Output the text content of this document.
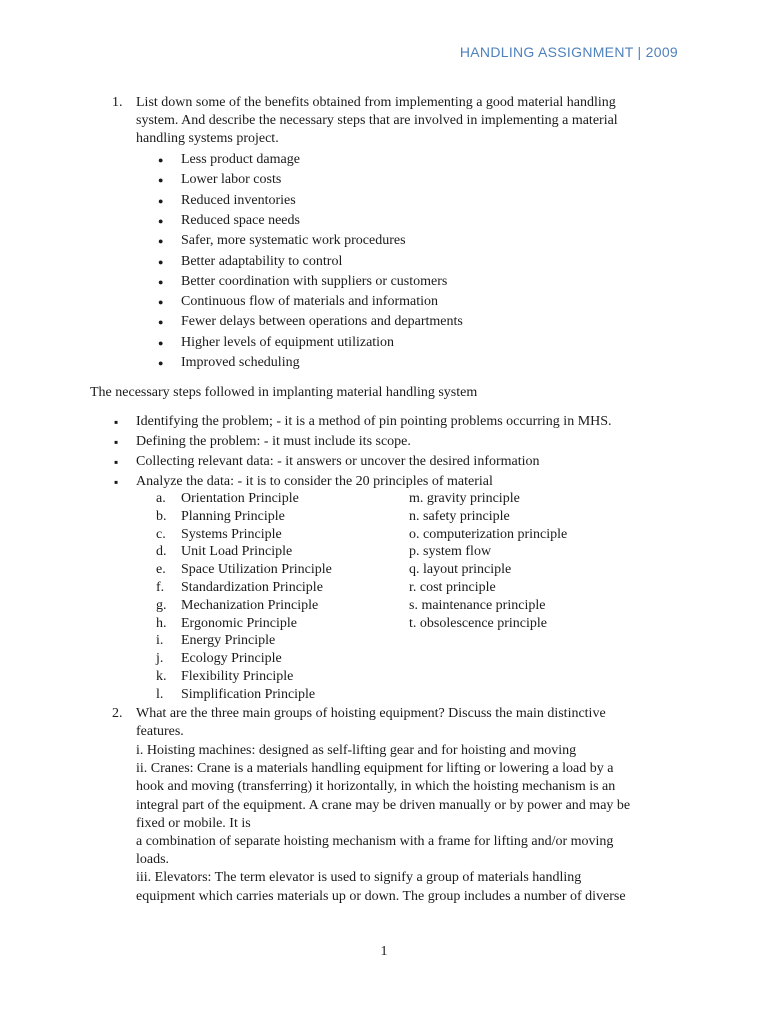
HANDLING ASSIGNMENT | 2009
1. List down some of the benefits obtained from implementing a good material handling
system. And describe the necessary steps that are involved in implementing a material
handling systems project.
● Less product damage
● Lower labor costs
● Reduced inventories
● Reduced space needs
● Safer, more systematic work procedures
● Better adaptability to control
● Better coordination with suppliers or customers
● Continuous flow of materials and information
● Fewer delays between operations and departments
● Higher levels of equipment utilization
● Improved scheduling
The necessary steps followed in implanting material handling system
▪ Identifying the problem; - it is a method of pin pointing problems occurring in MHS.
▪ Defining the problem: - it must include its scope.
▪ Collecting relevant data: - it answers or uncover the desired information
▪ Analyze the data: - it is to consider the 20 principles of material
a. Orientation Principle
b. Planning Principle
c. Systems Principle
d. Unit Load Principle
e. Space Utilization Principle
f. Standardization Principle
g. Mechanization Principle
h. Ergonomic Principle
i. Energy Principle
j. Ecology Principle
k. Flexibility Principle
l. Simplification Principle
m. gravity principle
n. safety principle
o. computerization principle
p. system flow
q. layout principle
r. cost principle
s. maintenance principle
t. obsolescence principle
2. What are the three main groups of hoisting equipment? Discuss the main distinctive
features.
i. Hoisting machines: designed as self-lifting gear and for hoisting and moving
ii. Cranes: Crane is a materials handling equipment for lifting or lowering a load by a
hook and moving (transferring) it horizontally, in which the hoisting mechanism is an
integral part of the equipment. A crane may be driven manually or by power and may be
fixed or mobile. It is
a combination of separate hoisting mechanism with a frame for lifting and/or moving
loads.
iii. Elevators: The term elevator is used to signify a group of materials handling
equipment which carries materials up or down. The group includes a number of diverse
1
